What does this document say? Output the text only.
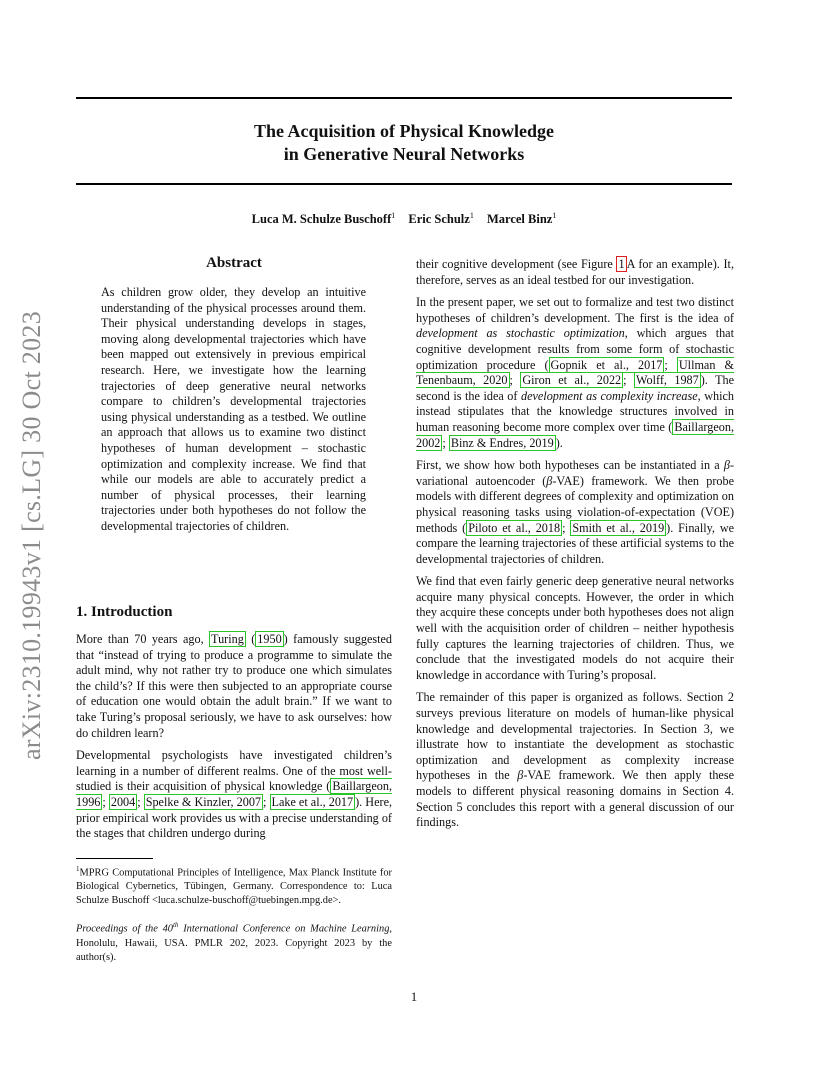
arXiv:2310.19943v1 [cs.LG] 30 Oct 2023
The Acquisition of Physical Knowledge
in Generative Neural Networks
Luca M. Schulze Buschoff$^1$ Eric Schulz$^1$ Marcel Binz$^1$
Abstract
As children grow older, they develop an intuitive understanding of the physical processes around them. Their physical understanding develops in stages, moving along developmental trajectories which have been mapped out extensively in previous empirical research. Here, we investigate how the learning trajectories of deep generative neural networks compare to children’s developmental trajectories using physical understanding as a testbed. We outline an approach that allows us to examine two distinct hypotheses of human development – stochastic optimization and complexity increase. We find that while our models are able to accurately predict a number of physical processes, their learning trajectories under both hypotheses do not follow the developmental trajectories of children.
1. Introduction

More than 70 years ago, Turing ( 1950 ) famously suggested that “instead of trying to produce a programme to simulate the adult mind, why not rather try to produce one which simulates the child’s? If this were then subjected to an appropriate course of education one would obtain the adult brain.” If we want to take Turing’s proposal seriously, we have to ask ourselves: how do children learn?

Developmental psychologists have investigated children’s learning in a number of different realms. One of the most well-studied is their acquisition of physical knowledge ( Baillargeon, 1996 ; 2004 ; Spelke & Kinzler, 2007 ; Lake et al., 2017 ). Here, prior empirical work provides us with a precise understanding of the stages that children undergo during

$^1$MPRG Computational Principles of Intelligence, Max Planck Institute for Biological Cybernetics, Tübingen, Germany. Correspondence to: Luca Schulze Buschoff <luca.schulze-buschoff@tuebingen.mpg.de>.

Proceedings of the 40th International Conference on Machine Learning, Honolulu, Hawaii, USA. PMLR 202, 2023. Copyright 2023 by the author(s).

their cognitive development (see Figure 1 A for an example). It, therefore, serves as an ideal testbed for our investigation.

In the present paper, we set out to formalize and test two distinct hypotheses of children’s development. The first is the idea of development as stochastic optimization, which argues that cognitive development results from some form of stochastic optimization procedure ( Gopnik et al., 2017 ; Ullman & Tenenbaum, 2020 ; Giron et al., 2022 ; Wolff, 1987 ). The second is the idea of development as complexity increase, which instead stipulates that the knowledge structures involved in human reasoning become more complex over time ( Baillargeon, 2002 ; Binz & Endres, 2019 ).

First, we show how both hypotheses can be instantiated in a β-variational autoencoder (β-VAE) framework. We then probe models with different degrees of complexity and optimization on physical reasoning tasks using violation-of-expectation (VOE) methods ( Piloto et al., 2018 ; Smith et al., 2019 ). Finally, we compare the learning trajectories of these artificial systems to the developmental trajectories of children.

We find that even fairly generic deep generative neural networks acquire many physical concepts. However, the order in which they acquire these concepts under both hypotheses does not align well with the acquisition order of children – neither hypothesis fully captures the learning trajectories of children. Thus, we conclude that the investigated models do not acquire their knowledge in accordance with Turing’s proposal.

The remainder of this paper is organized as follows. Section 2 surveys previous literature on models of human-like physical knowledge and developmental trajectories. In Section 3, we illustrate how to instantiate the development as stochastic optimization and development as complexity increase hypotheses in the β-VAE framework. We then apply these models to different physical reasoning domains in Section 4. Section 5 concludes this report with a general discussion of our findings.

1
